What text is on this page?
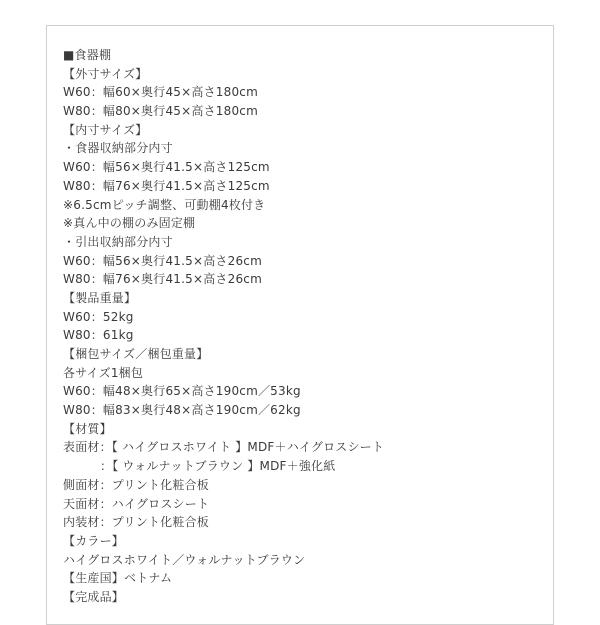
■食器棚
【外寸サイズ】
W60：幅60×奥行45×高さ180cm
W80：幅80×奥行45×高さ180cm
【内寸サイズ】
・食器収納部分内寸
W60：幅56×奥行41.5×高さ125cm
W80：幅76×奥行41.5×高さ125cm
※6.5cmピッチ調整、可動棚4枚付き
※真ん中の棚のみ固定棚
・引出収納部分内寸
W60：幅56×奥行41.5×高さ26cm
W80：幅76×奥行41.5×高さ26cm
【製品重量】
W60：52kg
W80：61kg
【梱包サイズ／梱包重量】
各サイズ1梱包
W60：幅48×奥行65×高さ190cm／53kg
W80：幅83×奥行48×高さ190cm／62kg
【材質】
表面材：【 ハイグロスホワイト 】MDF＋ハイグロスシート
：【 ウォルナットブラウン 】MDF＋強化紙
側面材：プリント化粧合板
天面材：ハイグロスシート
内装材：プリント化粧合板
【カラー】
ハイグロスホワイト／ウォルナットブラウン
【生産国】ベトナム
【完成品】
